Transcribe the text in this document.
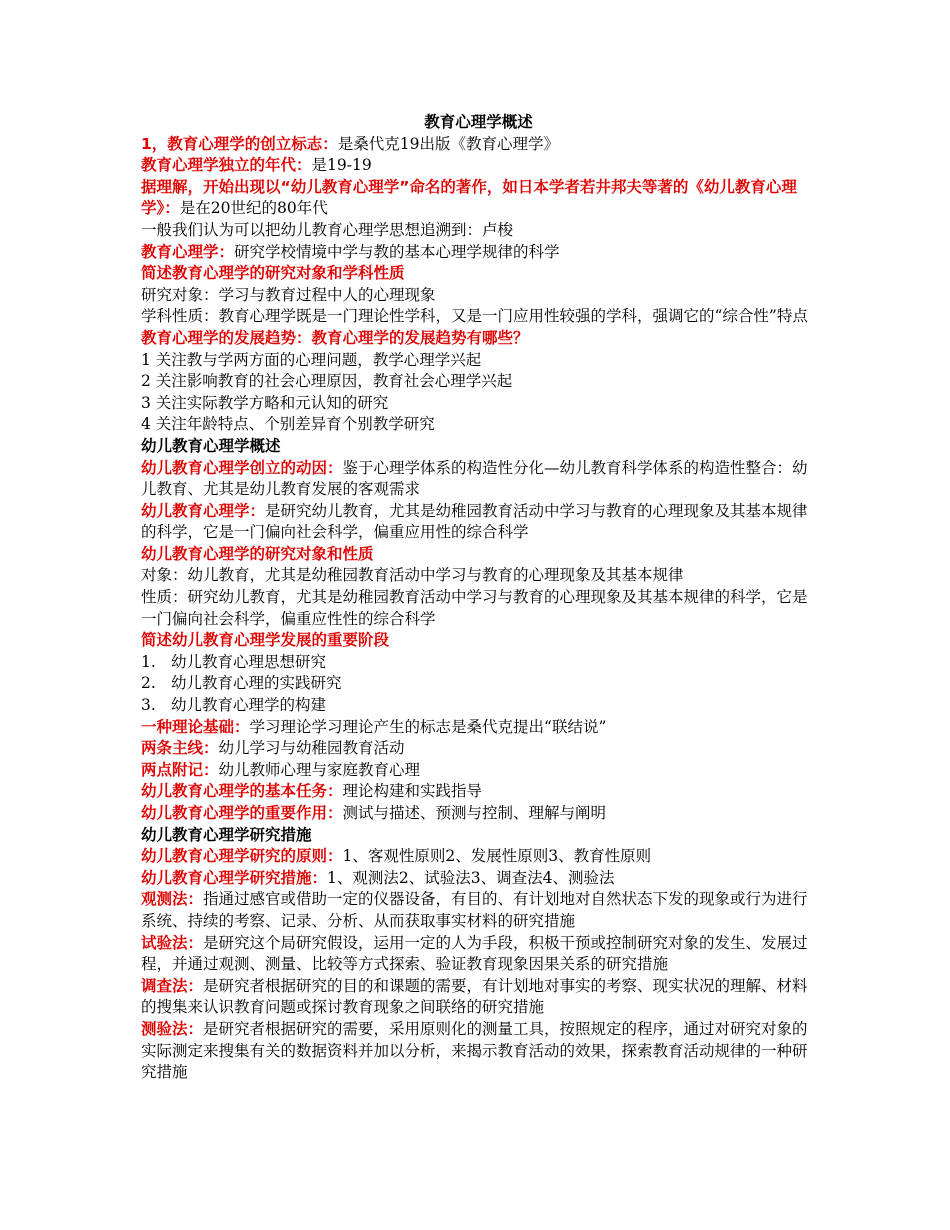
教育心理学概述

1，教育心理学的创立标志：是桑代克19出版《教育心理学》

教育心理学独立的年代：是19-19

据理解，开始出现以“幼儿教育心理学”命名的著作，如日本学者若井邦夫等著的《幼儿教育心理学》：是在20世纪的80年代

一般我们认为可以把幼儿教育心理学思想追溯到：卢梭

教育心理学：研究学校情境中学与教的基本心理学规律的科学

简述教育心理学的研究对象和学科性质

研究对象：学习与教育过程中人的心理现象

学科性质：教育心理学既是一门理论性学科，又是一门应用性较强的学科，强调它的“综合性”特点

教育心理学的发展趋势：教育心理学的发展趋势有哪些？

1 关注教与学两方面的心理问题，教学心理学兴起

2 关注影响教育的社会心理原因，教育社会心理学兴起

3 关注实际教学方略和元认知的研究

4 关注年龄特点、个别差异育个别教学研究

幼儿教育心理学概述

幼儿教育心理学创立的动因：鉴于心理学体系的构造性分化—幼儿教育科学体系的构造性整合：幼儿教育、尤其是幼儿教育发展的客观需求

幼儿教育心理学：是研究幼儿教育，尤其是幼稚园教育活动中学习与教育的心理现象及其基本规律的科学，它是一门偏向社会科学，偏重应用性的综合科学

幼儿教育心理学的研究对象和性质

对象：幼儿教育，尤其是幼稚园教育活动中学习与教育的心理现象及其基本规律

性质：研究幼儿教育，尤其是幼稚园教育活动中学习与教育的心理现象及其基本规律的科学，它是一门偏向社会科学，偏重应性性的综合科学

简述幼儿教育心理学发展的重要阶段

1. 幼儿教育心理思想研究

2. 幼儿教育心理的实践研究

3. 幼儿教育心理学的构建

一种理论基础：学习理论学习理论产生的标志是桑代克提出“联结说”

两条主线：幼儿学习与幼稚园教育活动

两点附记：幼儿教师心理与家庭教育心理

幼儿教育心理学的基本任务：理论构建和实践指导

幼儿教育心理学的重要作用：测试与描述、预测与控制、理解与阐明

幼儿教育心理学研究措施

幼儿教育心理学研究的原则：1、客观性原则2、发展性原则3、教育性原则

幼儿教育心理学研究措施：1、观测法2、试验法3、调查法4、测验法

观测法：指通过感官或借助一定的仪器设备，有目的、有计划地对自然状态下发的现象或行为进行系统、持续的考察、记录、分析、从而获取事实材料的研究措施

试验法：是研究这个局研究假设，运用一定的人为手段，积极干预或控制研究对象的发生、发展过程，并通过观测、测量、比较等方式探索、验证教育现象因果关系的研究措施

调查法：是研究者根据研究的目的和课题的需要，有计划地对事实的考察、现实状况的理解、材料的搜集来认识教育问题或探讨教育现象之间联络的研究措施

测验法：是研究者根据研究的需要，采用原则化的测量工具，按照规定的程序，通过对研究对象的实际测定来搜集有关的数据资料并加以分析，来揭示教育活动的效果，探索教育活动规律的一种研究措施
